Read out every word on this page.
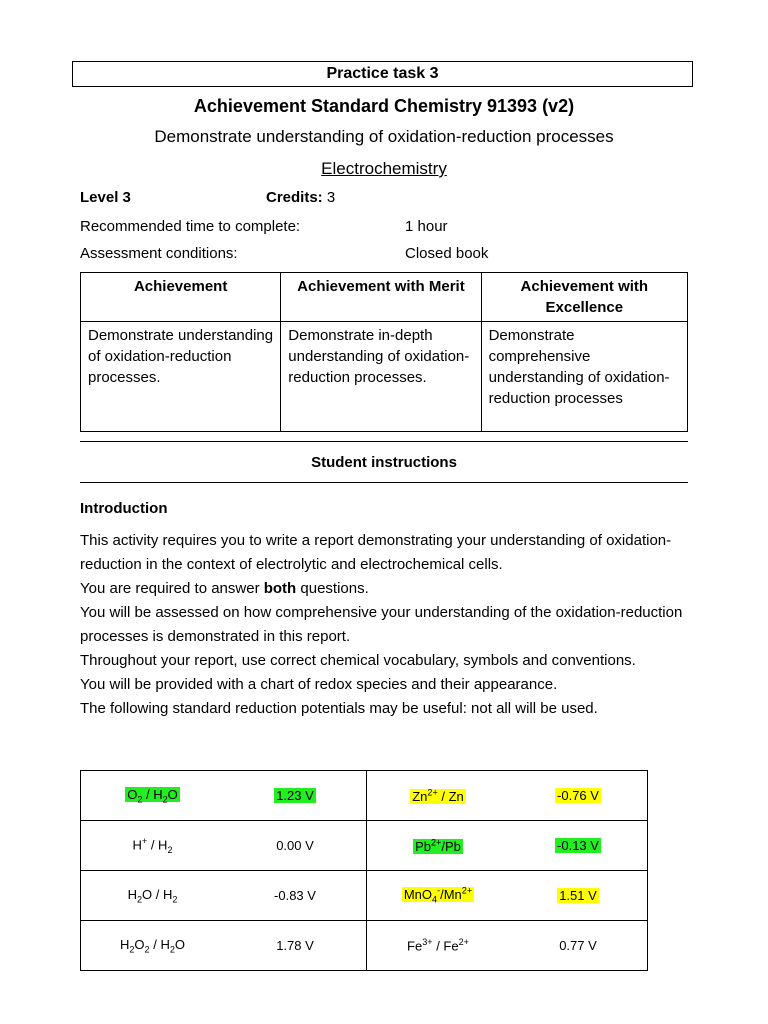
Practice task 3
Achievement Standard Chemistry 91393 (v2)
Demonstrate understanding of oxidation-reduction processes
Electrochemistry
Level 3	Credits: 3
Recommended time to complete:	1 hour
Assessment conditions:	Closed book
Achievement	Achievement with Merit	Achievement with Excellence
Demonstrate understanding of oxidation-reduction processes.	Demonstrate in-depth understanding of oxidation-reduction processes.	Demonstrate comprehensive understanding of oxidation-reduction processes
Student instructions
Introduction
This activity requires you to write a report demonstrating your understanding of oxidation-reduction in the context of electrolytic and electrochemical cells.
You are required to answer both questions.
You will be assessed on how comprehensive your understanding of the oxidation-reduction processes is demonstrated in this report.
Throughout your report, use correct chemical vocabulary, symbols and conventions.
You will be provided with a chart of redox species and their appearance.
The following standard reduction potentials may be useful: not all will be used.
$O_2 / H_2O$	1.23 V	$Zn^{2+}$ / Zn	-0.76 V
$H^+ / H_2$	0.00 V	$Pb^{2+}/Pb$	-0.13 V
$H_2O / H_2$	-0.83 V	$MnO_4^-/Mn^{2+}$	1.51 V
$H_2O_2 / H_2O$	1.78 V	$Fe^{3+} / Fe^{2+}$	0.77 V
